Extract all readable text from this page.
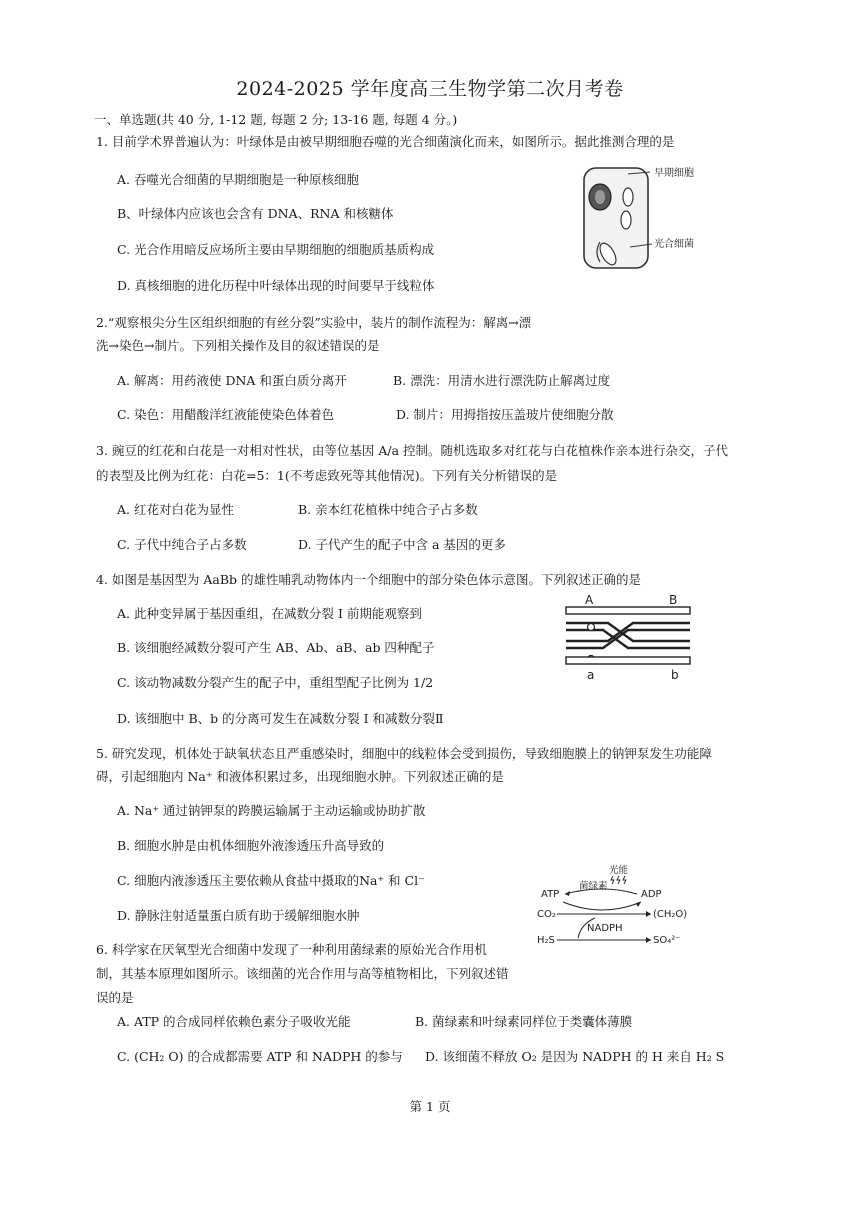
2024-2025 学年度高三生物学第二次月考卷
一、单选题(共 40 分, 1-12 题, 每题 2 分; 13-16 题, 每题 4 分。)
1. 目前学术界普遍认为：叶绿体是由被早期细胞吞噬的光合细菌演化而来，如图所示。据此推测合理的是
A. 吞噬光合细菌的早期细胞是一种原核细胞
B、叶绿体内应该也会含有 DNA、RNA 和核糖体
C. 光合作用暗反应场所主要由早期细胞的细胞质基质构成
D. 真核细胞的进化历程中叶绿体出现的时间要早于线粒体
早期细胞
光合细菌
2.“观察根尖分生区组织细胞的有丝分裂”实验中，装片的制作流程为：解离→漂
洗→染色→制片。下列相关操作及目的叙述错误的是
A. 解离：用药液使 DNA 和蛋白质分离开	B. 漂洗：用清水进行漂洗防止解离过度
C. 染色：用醋酸洋红液能使染色体着色	D. 制片：用拇指按压盖玻片使细胞分散
3. 豌豆的红花和白花是一对相对性状，由等位基因 A/a 控制。随机选取多对红花与白花植株作亲本进行杂交，子代
的表型及比例为红花：白花=5：1(不考虑致死等其他情况)。下列有关分析错误的是
A. 红花对白花为显性	B. 亲本红花植株中纯合子占多数
C. 子代中纯合子占多数	D. 子代产生的配子中含 a 基因的更多
4. 如图是基因型为 AaBb 的雄性哺乳动物体内一个细胞中的部分染色体示意图。下列叙述正确的是
A. 此种变异属于基因重组，在减数分裂 I 前期能观察到
B. 该细胞经减数分裂可产生 AB、Ab、aB、ab 四种配子
C. 该动物减数分裂产生的配子中，重组型配子比例为 1/2
D. 该细胞中 B、b 的分离可发生在减数分裂 I 和减数分裂Ⅱ
A	B
a	b
5. 研究发现，机体处于缺氧状态且严重感染时，细胞中的线粒体会受到损伤，导致细胞膜上的钠钾泵发生功能障
碍，引起细胞内 Na⁺ 和液体积累过多，出现细胞水肿。下列叙述正确的是
A. Na⁺ 通过钠钾泵的跨膜运输属于主动运输或协助扩散
B. 细胞水肿是由机体细胞外液渗透压升高导致的
C. 细胞内液渗透压主要依赖从食盐中摄取的Na⁺ 和 Cl⁻
D. 静脉注射适量蛋白质有助于缓解细胞水肿
光能
菌绿素
ATP	ADP
CO₂	(CH₂O)
NADPH
H₂S	SO₄²⁻
6. 科学家在厌氧型光合细菌中发现了一种利用菌绿素的原始光合作用机
制，其基本原理如图所示。该细菌的光合作用与高等植物相比，下列叙述错
误的是
A. ATP 的合成同样依赖色素分子吸收光能	B. 菌绿素和叶绿素同样位于类囊体薄膜
C. (CH₂ O) 的合成都需要 ATP 和 NADPH 的参与 D. 该细菌不释放 O₂ 是因为 NADPH 的 H 来自 H₂ S
第 1 页
